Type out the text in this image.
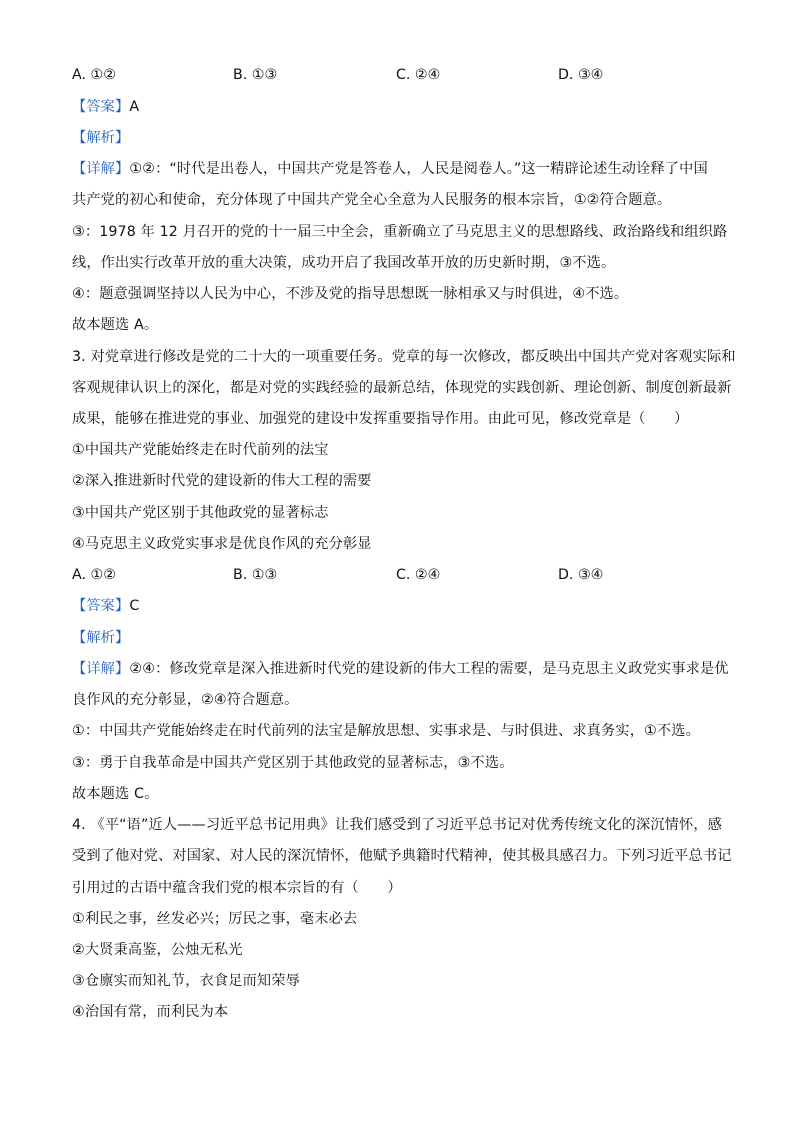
A. ①②	B. ①③	C. ②④	D. ③④
【答案】A
【解析】
【详解】①②：“时代是出卷人，中国共产党是答卷人，人民是阅卷人。”这一精辟论述生动诠释了中国
共产党的初心和使命，充分体现了中国共产党全心全意为人民服务的根本宗旨，①②符合题意。
③：1978 年 12 月召开的党的十一届三中全会，重新确立了马克思主义的思想路线、政治路线和组织路
线，作出实行改革开放的重大决策，成功开启了我国改革开放的历史新时期，③不选。
④：题意强调坚持以人民为中心，不涉及党的指导思想既一脉相承又与时俱进，④不选。
故本题选 A。
3. 对党章进行修改是党的二十大的一项重要任务。党章的每一次修改，都反映出中国共产党对客观实际和
客观规律认识上的深化，都是对党的实践经验的最新总结，体现党的实践创新、理论创新、制度创新最新
成果，能够在推进党的事业、加强党的建设中发挥重要指导作用。由此可见，修改党章是（　　）
①中国共产党能始终走在时代前列的法宝
②深入推进新时代党的建设新的伟大工程的需要
③中国共产党区别于其他政党的显著标志
④马克思主义政党实事求是优良作风的充分彰显
A. ①②	B. ①③	C. ②④	D. ③④
【答案】C
【解析】
【详解】②④：修改党章是深入推进新时代党的建设新的伟大工程的需要，是马克思主义政党实事求是优
良作风的充分彰显，②④符合题意。
①：中国共产党能始终走在时代前列的法宝是解放思想、实事求是、与时俱进、求真务实，①不选。
③：勇于自我革命是中国共产党区别于其他政党的显著标志，③不选。
故本题选 C。
4. 《平“语”近人——习近平总书记用典》让我们感受到了习近平总书记对优秀传统文化的深沉情怀，感
受到了他对党、对国家、对人民的深沉情怀，他赋予典籍时代精神，使其极具感召力。下列习近平总书记
引用过的古语中蕴含我们党的根本宗旨的有（　　）
①利民之事，丝发必兴；厉民之事，毫末必去
②大贤秉高鉴，公烛无私光
③仓廪实而知礼节，衣食足而知荣辱
④治国有常，而利民为本
